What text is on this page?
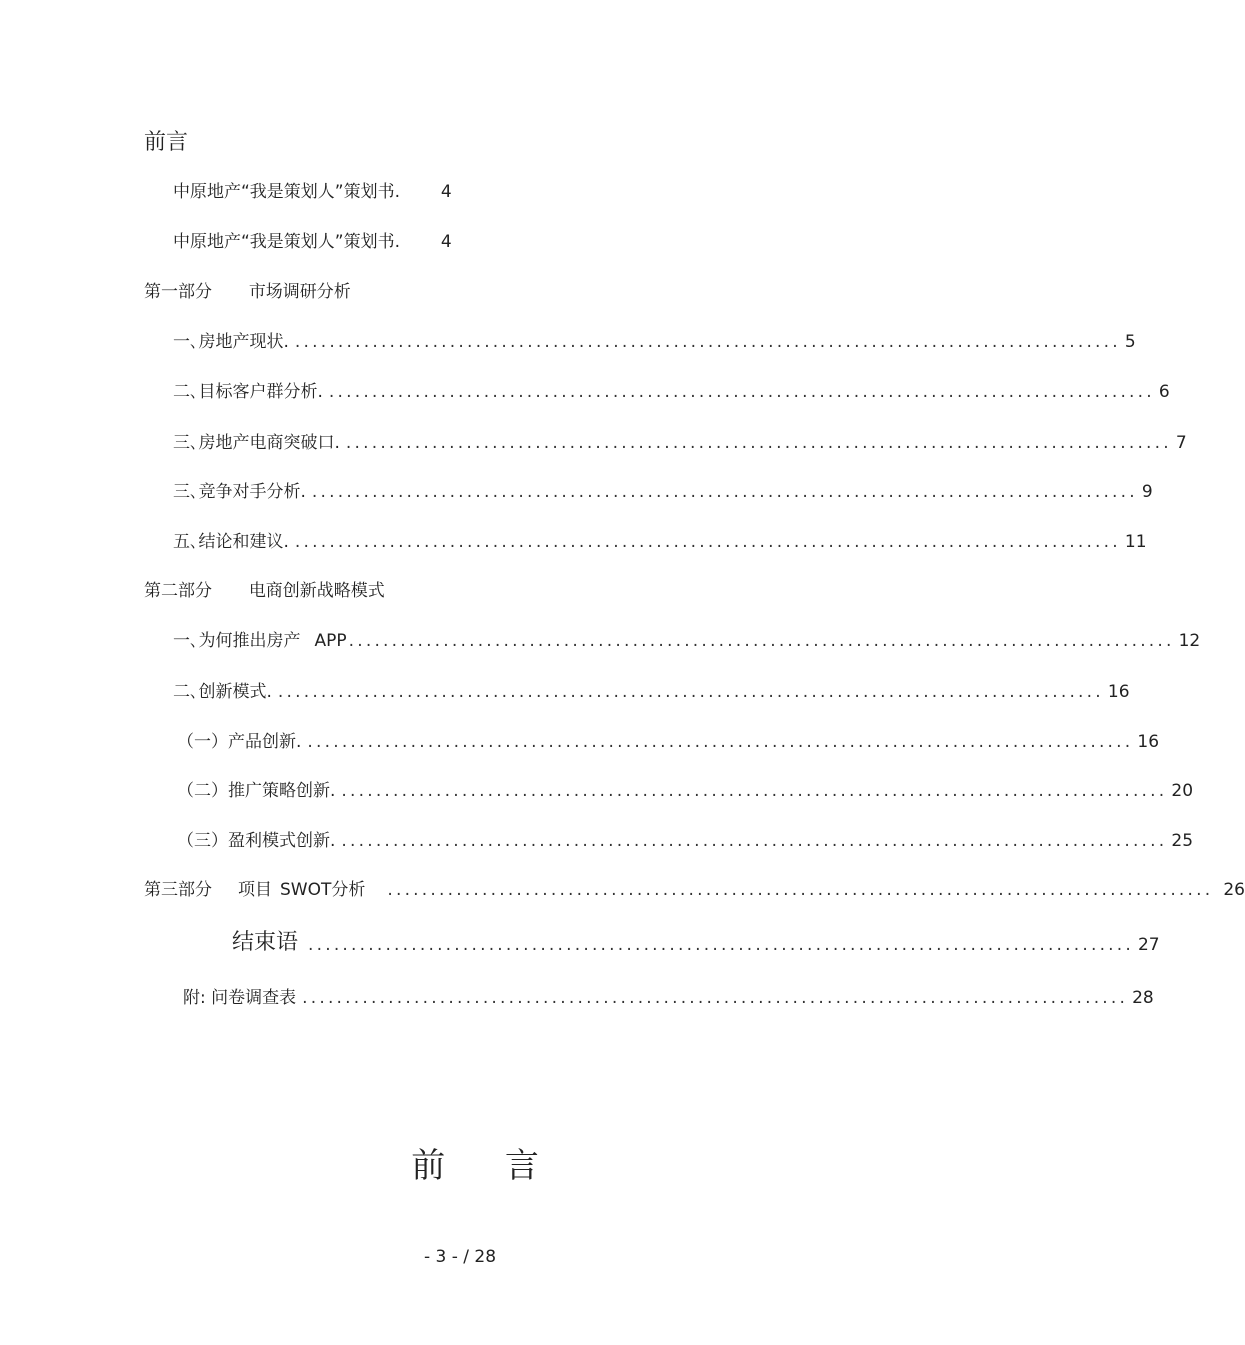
前言
中原地产“我是策划人”策划书. 4
中原地产“我是策划人”策划书. 4
第一部分 市场调研分析
一､房地产现状. ................................................................................................ 5
二､目标客户群分析. ................................................................................................ 6
三､房地产电商突破口. ................................................................................................ 7
三､竞争对手分析. ................................................................................................ 9
五､结论和建议. ................................................................................................ 11
第二部分 电商创新战略模式
一､为何推出房产 APP ................................................................................................ 12
二､创新模式. ................................................................................................ 16
（一）产品创新. ................................................................................................ 16
（二）推广策略创新. ................................................................................................ 20
（三）盈利模式创新. ................................................................................................ 25
第三部分 项目 SWOT 分析 ................................................................................................ 26
结束语 ................................................................................................ 27
附: 问卷调查表 ................................................................................................ 28
前 言
- 3 - / 28
